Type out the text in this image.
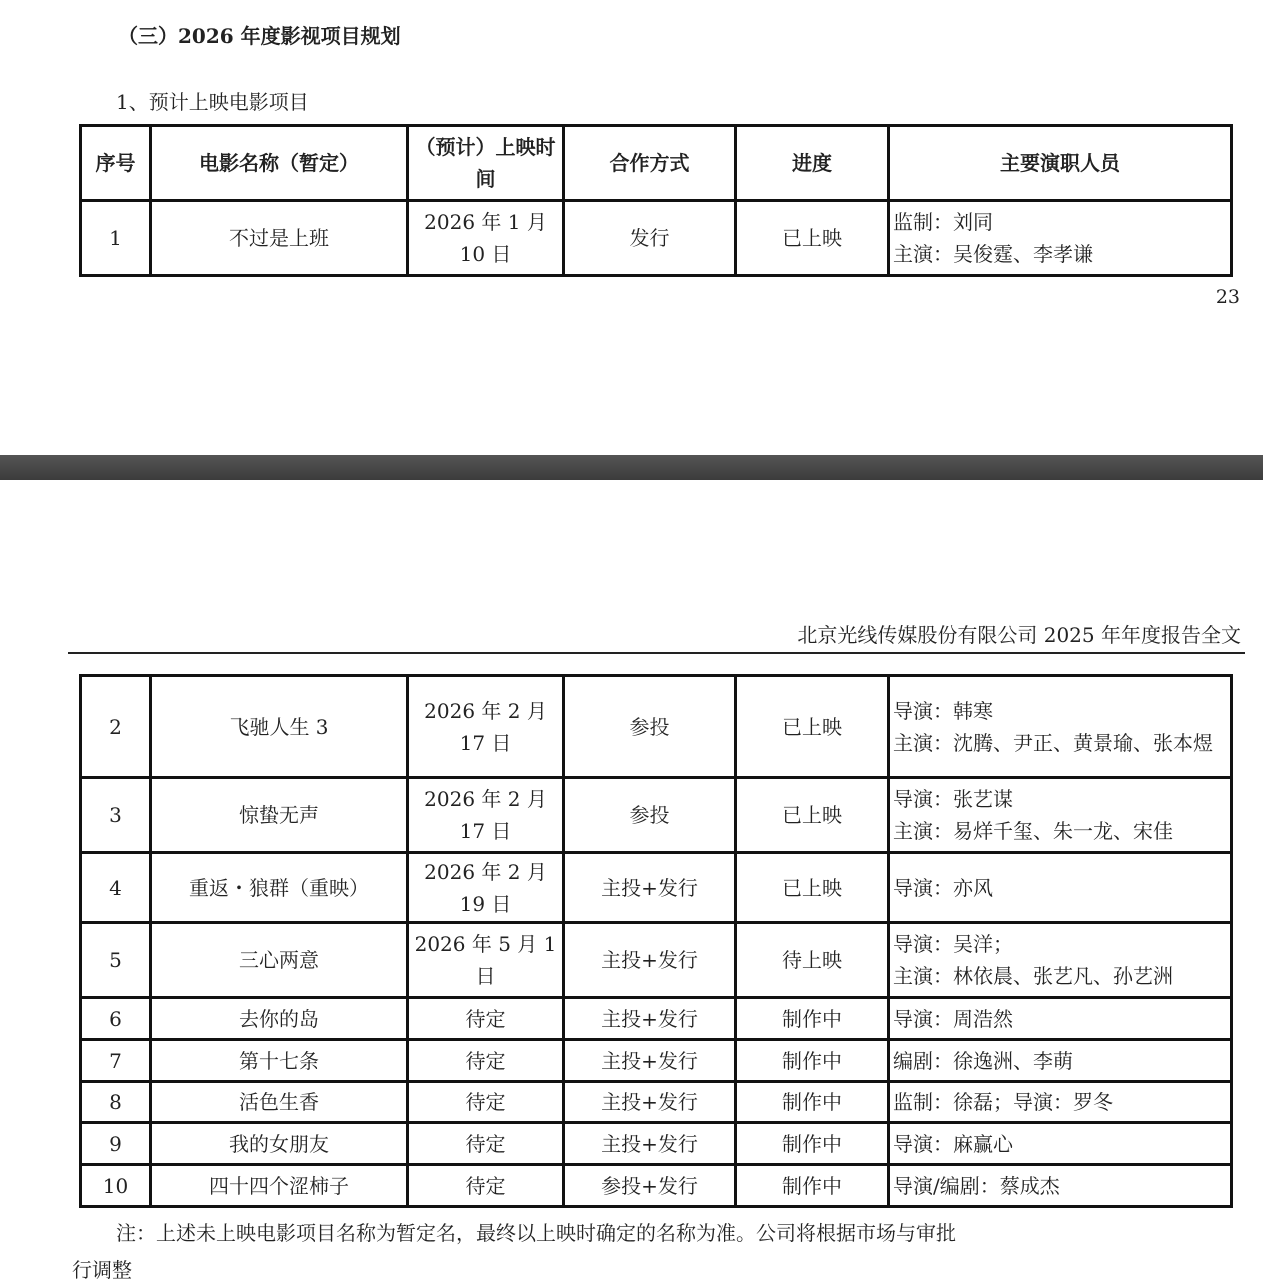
（三）2026 年度影视项目规划
1、预计上映电影项目
序号	电影名称（暂定）	（预计）上映时间	合作方式	进度	主要演职人员
1	不过是上班	2026 年 1 月 10 日	发行	已上映	监制：刘同
主演：吴俊霆、李孝谦
23
北京光线传媒股份有限公司 2025 年年度报告全文
2	飞驰人生 3	2026 年 2 月 17 日	参投	已上映	导演：韩寒
主演：沈腾、尹正、黄景瑜、张本煜

3	惊蛰无声	2026 年 2 月 17 日	参投	已上映	导演：张艺谋
主演：易烊千玺、朱一龙、宋佳

4	重返・狼群（重映）	2026 年 2 月 19 日	主投+发行	已上映	导演：亦风

5	三心两意	2026 年 5 月 1 日	主投+发行	待上映	导演：吴洋；
主演：林依晨、张艺凡、孙艺洲

6	去你的岛	待定	主投+发行	制作中	导演：周浩然

7	第十七条	待定	主投+发行	制作中	编剧：徐逸洲、李萌

8	活色生香	待定	主投+发行	制作中	监制：徐磊；导演：罗冬

9	我的女朋友	待定	主投+发行	制作中	导演：麻赢心

10	四十四个涩柿子	待定	参投+发行	制作中	导演/编剧：蔡成杰
注：上述未上映电影项目名称为暂定名，最终以上映时确定的名称为准。公司将根据市场与审批
行调整
